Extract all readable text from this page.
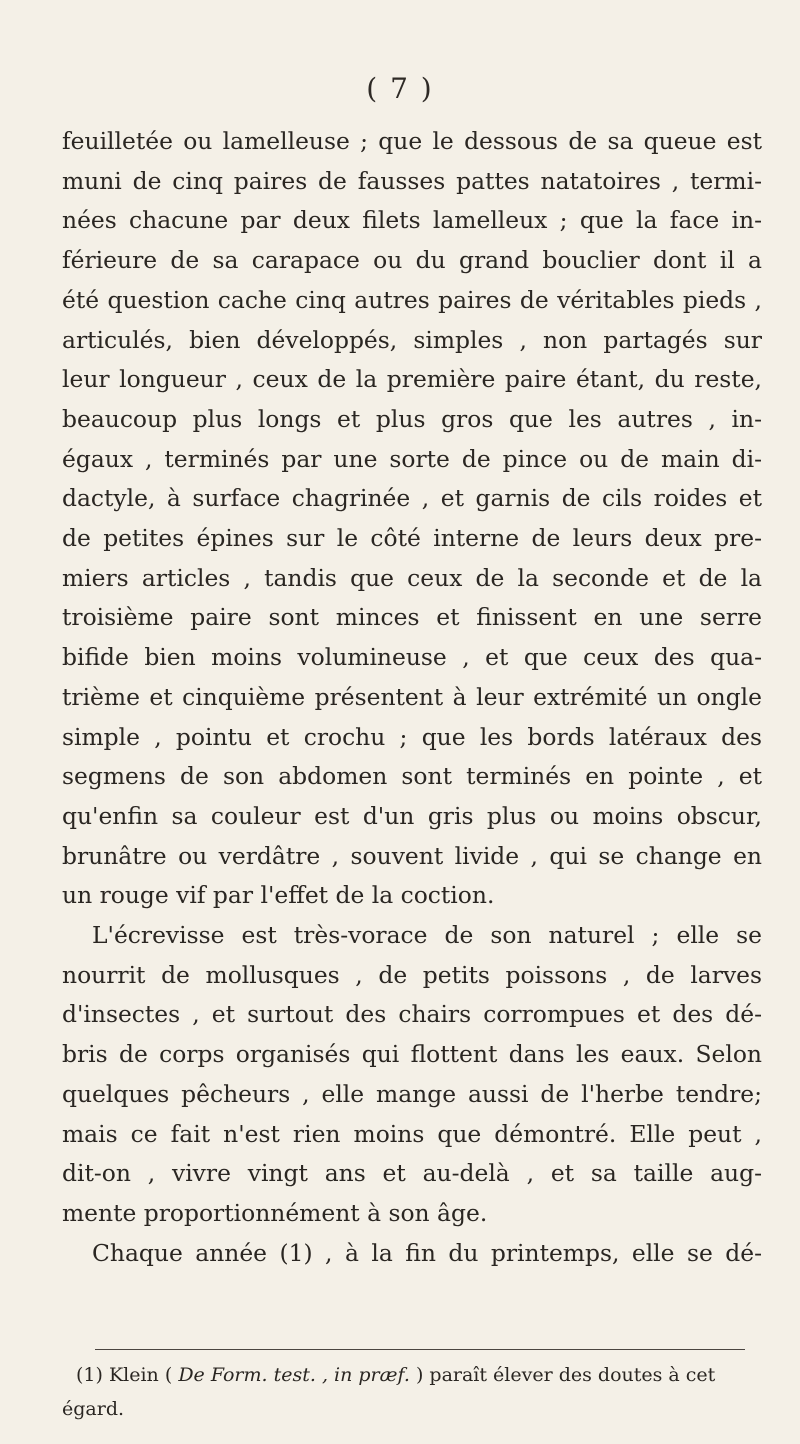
( 7 )
feuilletée ou lamelleuse ; que le dessous de sa queue est
muni de cinq paires de fausses pattes natatoires , termi-
nées chacune par deux filets lamelleux ; que la face in-
férieure de sa carapace ou du grand bouclier dont il a
été question cache cinq autres paires de véritables pieds ,
articulés, bien développés, simples , non partagés sur
leur longueur , ceux de la première paire étant, du reste,
beaucoup plus longs et plus gros que les autres , in-
égaux , terminés par une sorte de pince ou de main di-
dactyle, à surface chagrinée , et garnis de cils roides et
de petites épines sur le côté interne de leurs deux pre-
miers articles , tandis que ceux de la seconde et de la
troisième paire sont minces et finissent en une serre
bifide bien moins volumineuse , et que ceux des qua-
trième et cinquième présentent à leur extrémité un ongle
simple , pointu et crochu ; que les bords latéraux des
segmens de son abdomen sont terminés en pointe , et
qu'enfin sa couleur est d'un gris plus ou moins obscur,
brunâtre ou verdâtre , souvent livide , qui se change en
un rouge vif par l'effet de la coction.
L'écrevisse est très-vorace de son naturel ; elle se
nourrit de mollusques , de petits poissons , de larves
d'insectes , et surtout des chairs corrompues et des dé-
bris de corps organisés qui flottent dans les eaux. Selon
quelques pêcheurs , elle mange aussi de l'herbe tendre;
mais ce fait n'est rien moins que démontré. Elle peut ,
dit-on , vivre vingt ans et au-delà , et sa taille aug-
mente proportionnément à son âge.
Chaque année (1) , à la fin du printemps, elle se dé-
(1) Klein ( De Form. test. , in præf. ) paraît élever des doutes à cet
égard.
